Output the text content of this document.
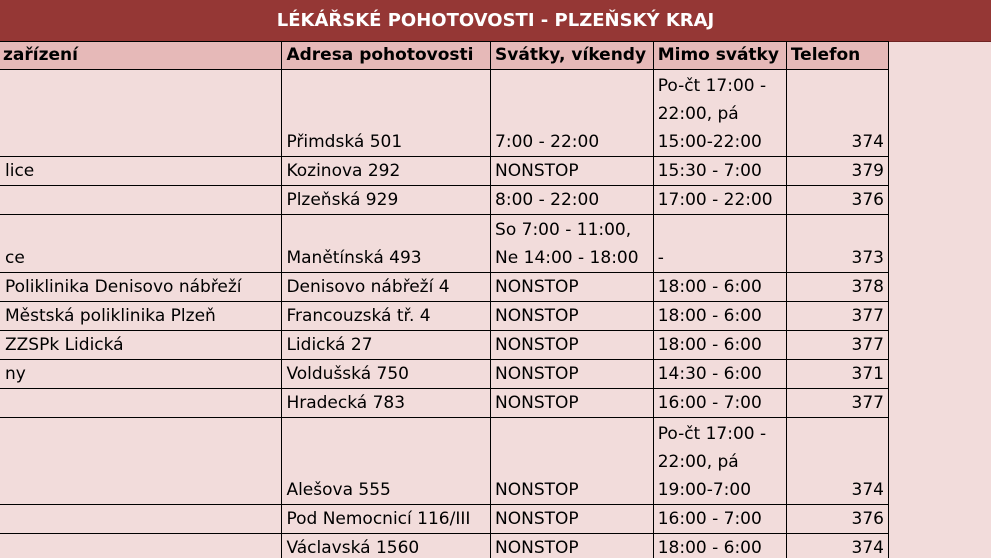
LÉKÁŘSKÉ POHOTOVOSTI - PLZEŇSKÝ KRAJ
zařízení	Adresa pohotovosti	Svátky, víkendy	Mimo svátky	Telefon
	Přimdská 501	7:00 - 22:00	Po-čt 17:00 -
22:00, pá
15:00-22:00	374
lice	Kozinova 292	NONSTOP	15:30 - 7:00	379
	Plzeňská 929	8:00 - 22:00	17:00 - 22:00	376
ce	Manětínská 493	So 7:00 - 11:00,
Ne 14:00 - 18:00	-	373
Poliklinika Denisovo nábřeží	Denisovo nábřeží 4	NONSTOP	18:00 - 6:00	378
Městská poliklinika Plzeň	Francouzská tř. 4	NONSTOP	18:00 - 6:00	377
ZZSPk Lidická	Lidická 27	NONSTOP	18:00 - 6:00	377
ny	Voldušská 750	NONSTOP	14:30 - 6:00	371
	Hradecká 783	NONSTOP	16:00 - 7:00	377
	Alešova 555	NONSTOP	Po-čt 17:00 -
22:00, pá
19:00-7:00	374
	Pod Nemocnicí 116/III	NONSTOP	16:00 - 7:00	376
	Václavská 1560	NONSTOP	18:00 - 6:00	374
